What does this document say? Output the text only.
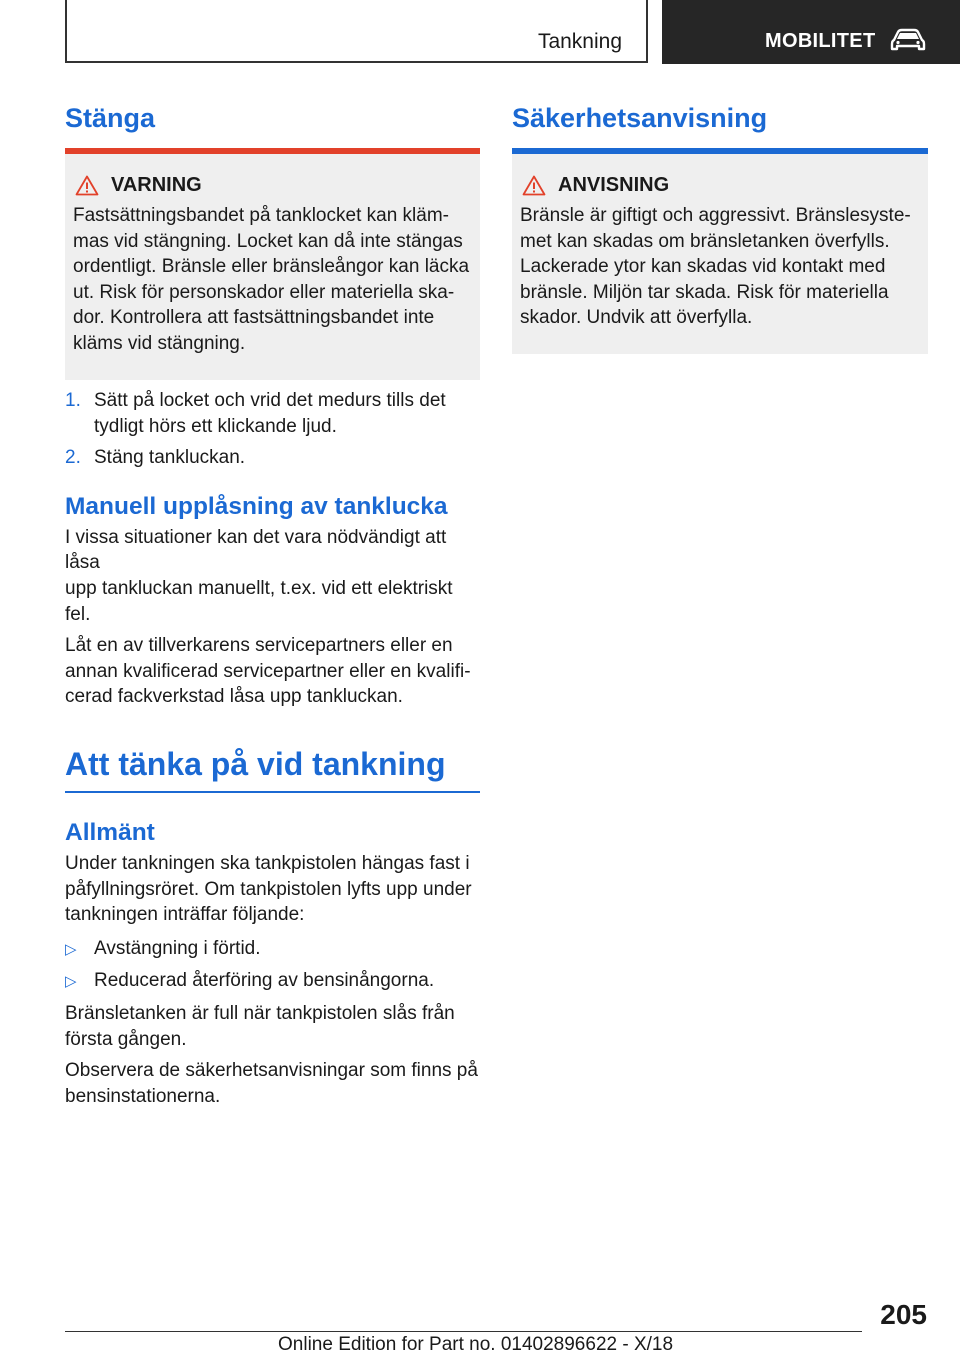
Tankning	MOBILITET
Stänga
VARNING
Fastsättningsbandet på tanklocket kan kläm-
mas vid stängning. Locket kan då inte stängas
ordentligt. Bränsle eller bränsleångor kan läcka
ut. Risk för personskador eller materiella ska-
dor. Kontrollera att fastsättningsbandet inte
kläms vid stängning.
1. Sätt på locket och vrid det medurs tills det
tydligt hörs ett klickande ljud.
2. Stäng tankluckan.
Manuell upplåsning av tanklucka
I vissa situationer kan det vara nödvändigt att låsa
upp tankluckan manuellt, t.ex. vid ett elektriskt
fel.
Låt en av tillverkarens servicepartners eller en
annan kvalificerad servicepartner eller en kvalifi-
cerad fackverkstad låsa upp tankluckan.
Att tänka på vid tankning
Allmänt
Under tankningen ska tankpistolen hängas fast i
påfyllningsröret. Om tankpistolen lyfts upp under
tankningen inträffar följande:
▷ Avstängning i förtid.
▷ Reducerad återföring av bensinångorna.
Bränsletanken är full när tankpistolen slås från
första gången.
Observera de säkerhetsanvisningar som finns på
bensinstationerna.
Säkerhetsanvisning
ANVISNING
Bränsle är giftigt och aggressivt. Bränslesyste-
met kan skadas om bränsletanken överfylls.
Lackerade ytor kan skadas vid kontakt med
bränsle. Miljön tar skada. Risk för materiella
skador. Undvik att överfylla.
205
Online Edition for Part no. 01402896622 - X/18
